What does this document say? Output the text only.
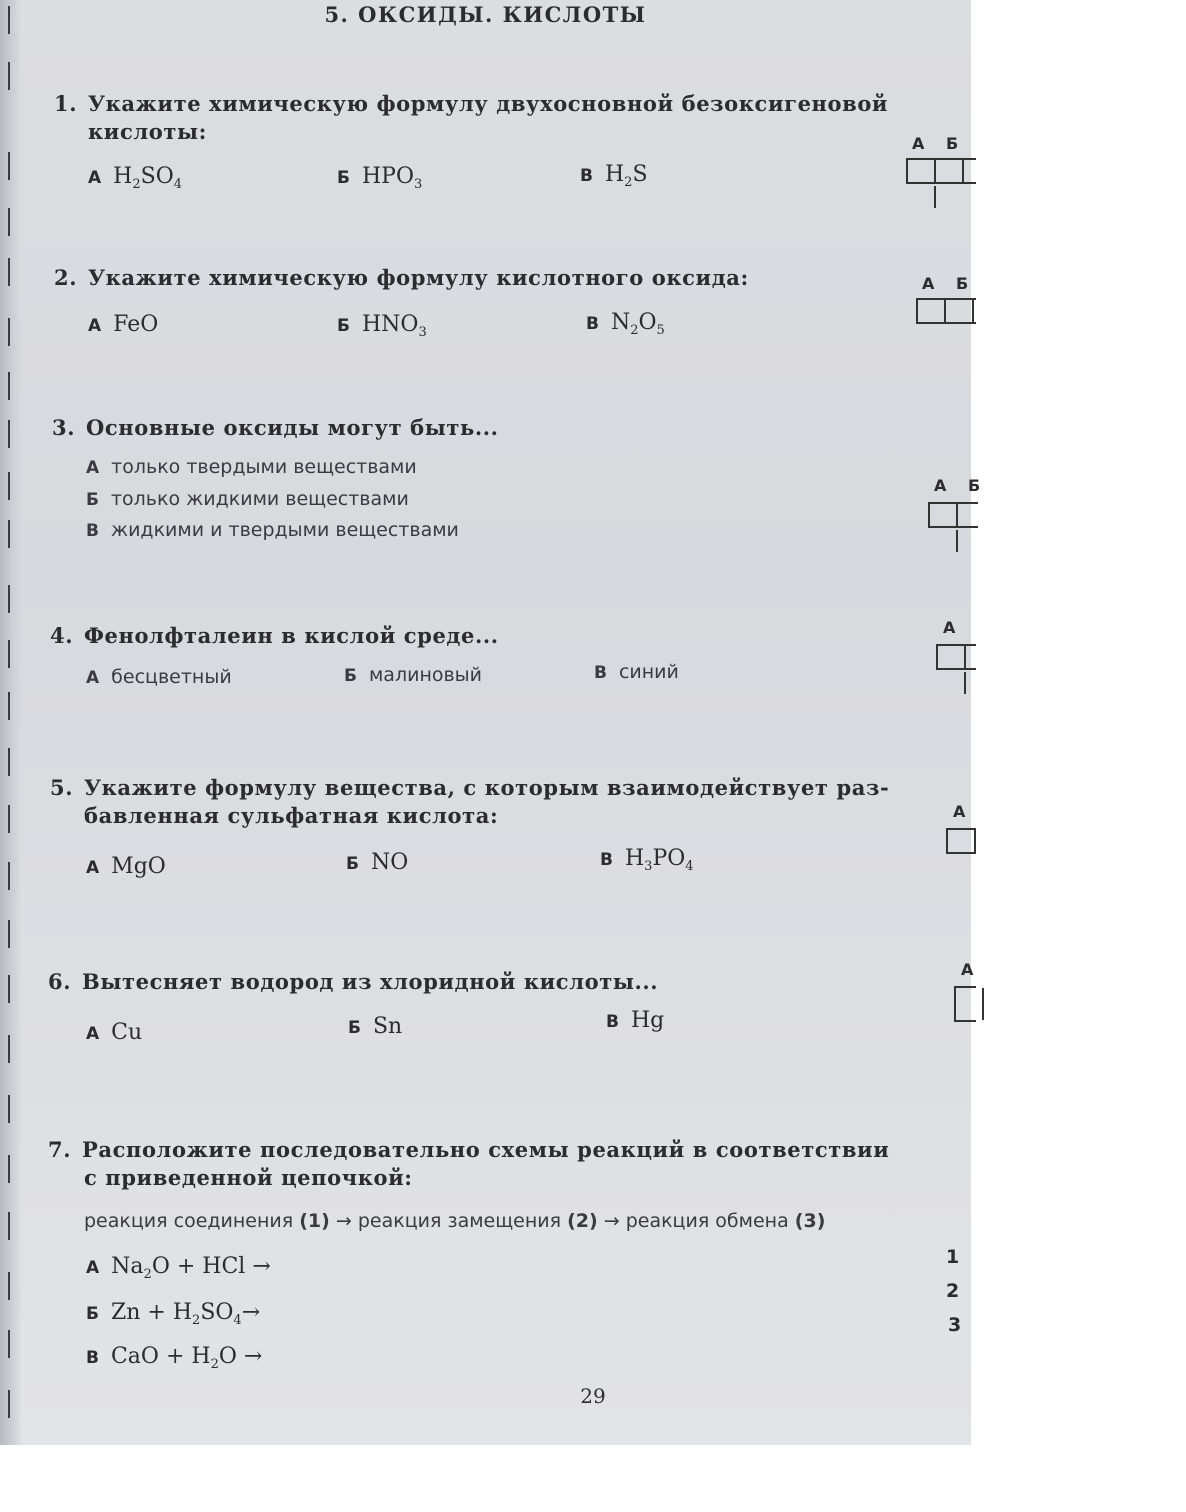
5. ОКСИДЫ. КИСЛОТЫ
1. Укажите химическую формулу двухосновной безоксигеновой
кислоты:
А $H_2SO_4$	Б $HPO_3$	В $H_2S$
А Б
2. Укажите химическую формулу кислотного оксида:
А FeO	Б $HNO_3$	В $N_2O_5$
А Б
3. Основные оксиды могут быть...
А только твердыми веществами
Б только жидкими веществами
В жидкими и твердыми веществами
А Б
4. Фенолфталеин в кислой среде...
А бесцветный	Б малиновый	В синий
А
5. Укажите формулу вещества, с которым взаимодействует раз-
бавленная сульфатная кислота:
А MgO	Б NO	В $H_3PO_4$
А
6. Вытесняет водород из хлоридной кислоты...
А Cu	Б Sn	В Hg
А
7. Расположите последовательно схемы реакций в соответствии
с приведенной цепочкой:
реакция соединения (1) → реакция замещения (2) → реакция обмена (3)
А $Na_2O$ + HCl →
Б $Zn + H_2SO_4\to$
В CaO + $H_2O$ →
1
2
3
29
